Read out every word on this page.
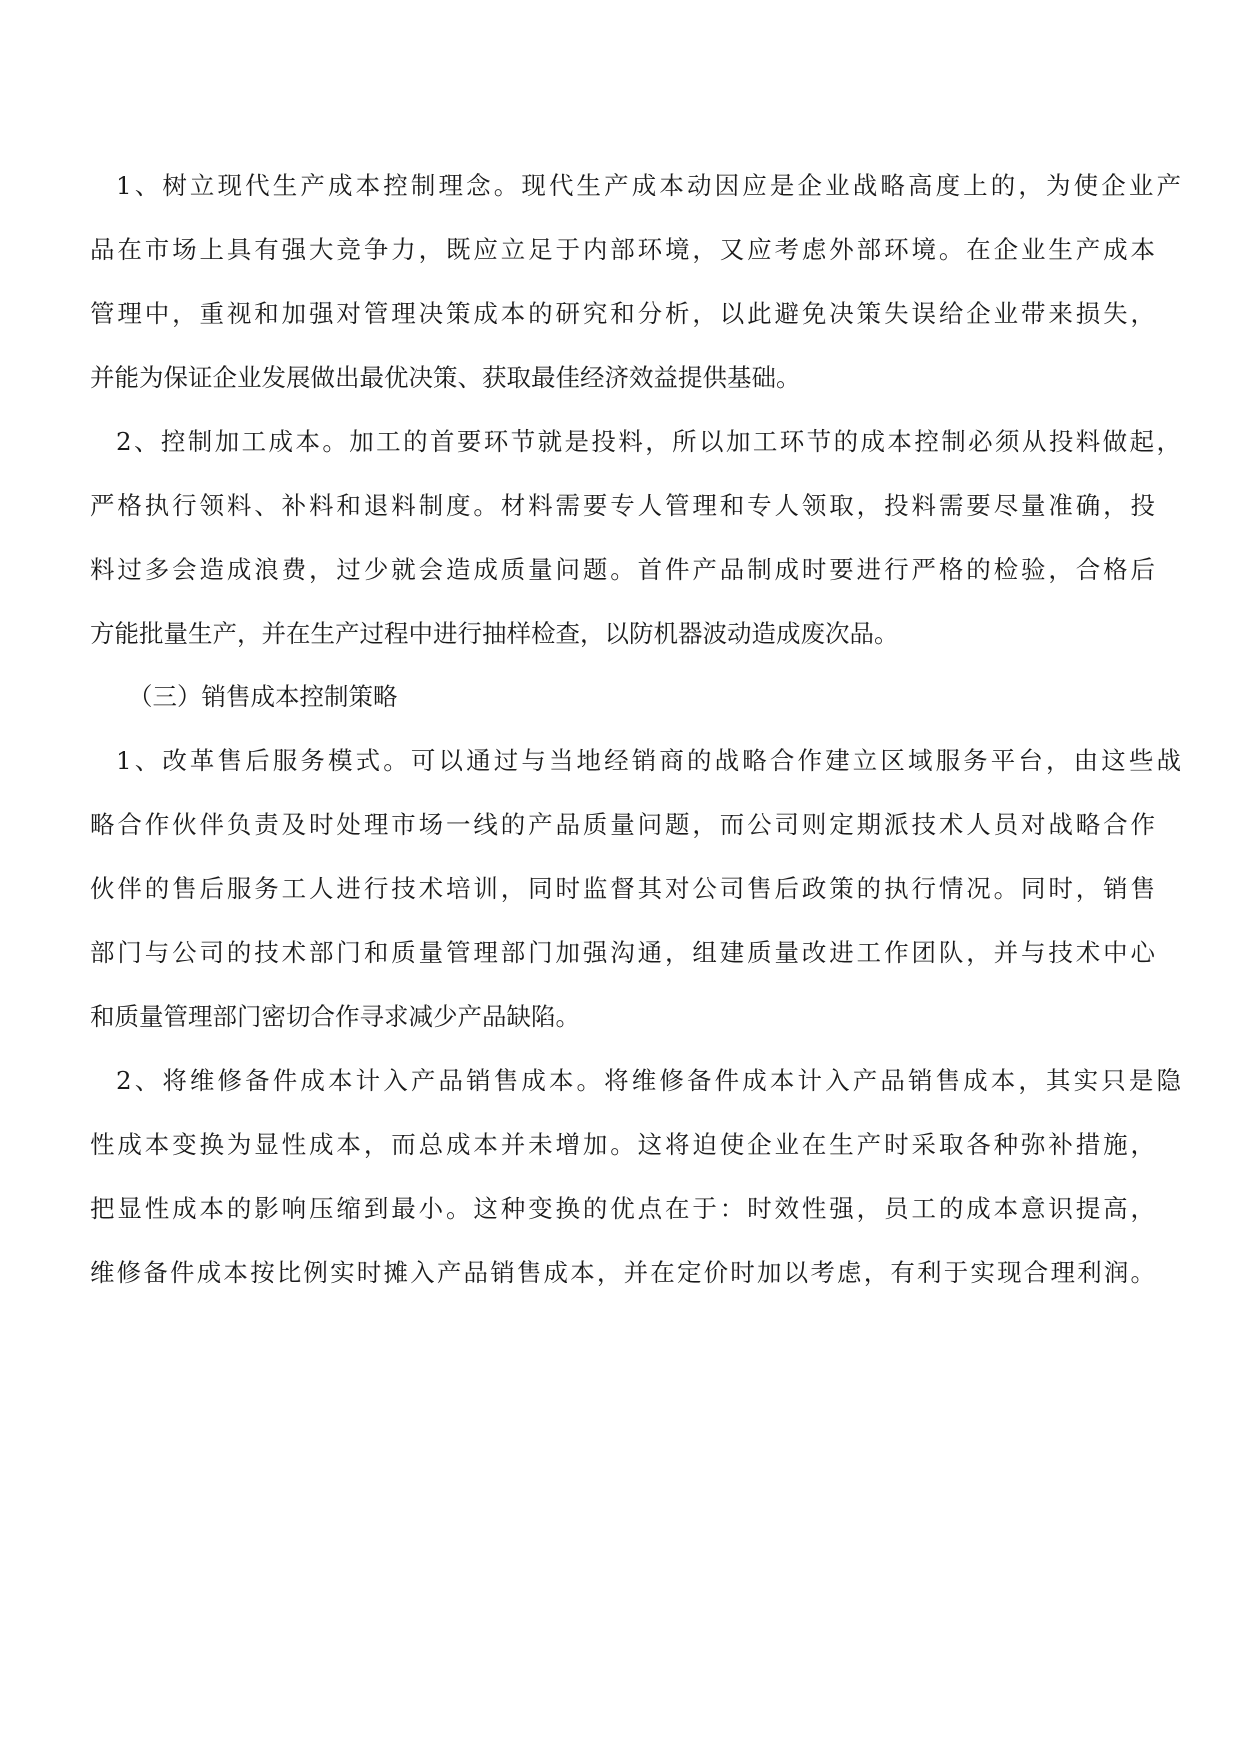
1、树立现代生产成本控制理念。现代生产成本动因应是企业战略高度上的，为使企业产
品在市场上具有强大竞争力，既应立足于内部环境，又应考虑外部环境。在企业生产成本
管理中，重视和加强对管理决策成本的研究和分析，以此避免决策失误给企业带来损失，
并能为保证企业发展做出最优决策、获取最佳经济效益提供基础。
2、控制加工成本。加工的首要环节就是投料，所以加工环节的成本控制必须从投料做起，
严格执行领料、补料和退料制度。材料需要专人管理和专人领取，投料需要尽量准确，投
料过多会造成浪费，过少就会造成质量问题。首件产品制成时要进行严格的检验，合格后
方能批量生产，并在生产过程中进行抽样检查，以防机器波动造成废次品。
（三）销售成本控制策略
1、改革售后服务模式。可以通过与当地经销商的战略合作建立区域服务平台，由这些战
略合作伙伴负责及时处理市场一线的产品质量问题，而公司则定期派技术人员对战略合作
伙伴的售后服务工人进行技术培训，同时监督其对公司售后政策的执行情况。同时，销售
部门与公司的技术部门和质量管理部门加强沟通，组建质量改进工作团队，并与技术中心
和质量管理部门密切合作寻求减少产品缺陷。
2、将维修备件成本计入产品销售成本。将维修备件成本计入产品销售成本，其实只是隐
性成本变换为显性成本，而总成本并未增加。这将迫使企业在生产时采取各种弥补措施，
把显性成本的影响压缩到最小。这种变换的优点在于：时效性强，员工的成本意识提高，
维修备件成本按比例实时摊入产品销售成本，并在定价时加以考虑，有利于实现合理利润。
